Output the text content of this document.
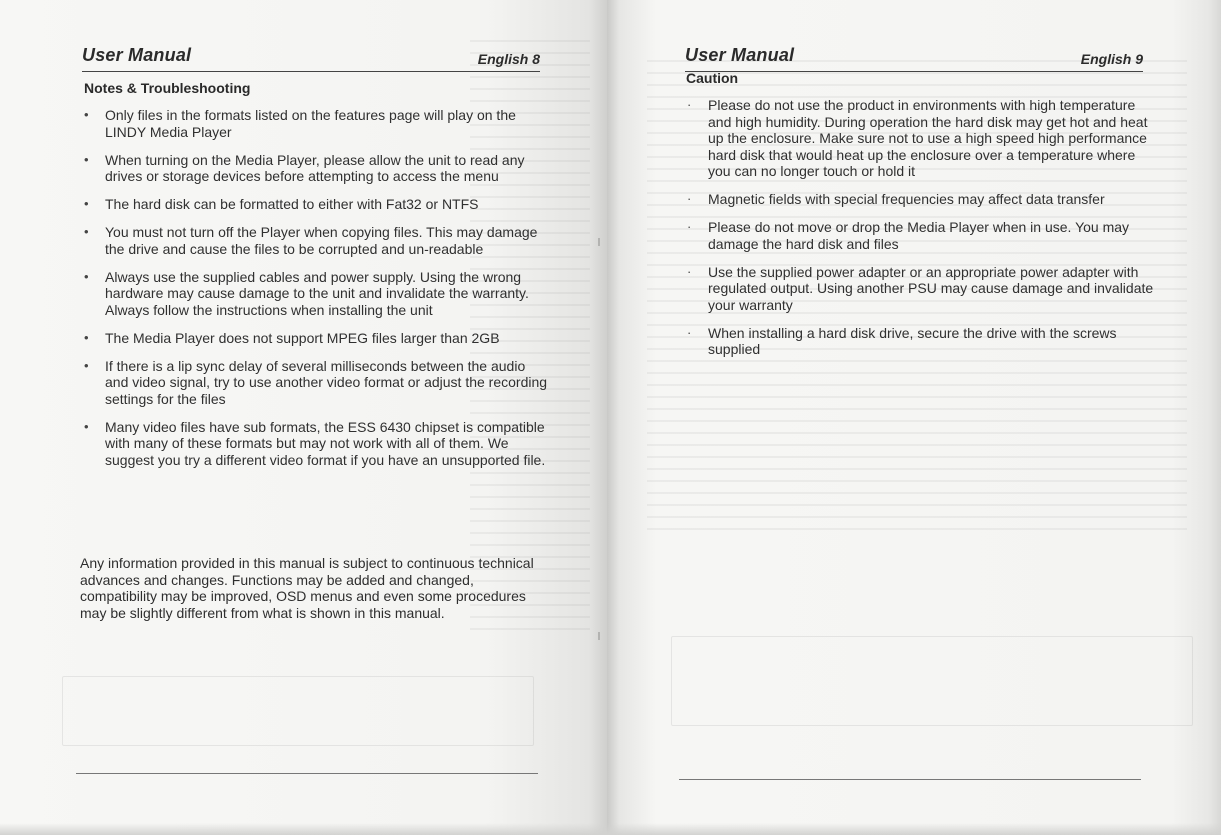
User Manual	English 8
Notes & Troubleshooting
• Only files in the formats listed on the features page will play on the LINDY Media Player
• When turning on the Media Player, please allow the unit to read any drives or storage devices before attempting to access the menu
• The hard disk can be formatted to either with Fat32 or NTFS
• You must not turn off the Player when copying files. This may damage the drive and cause the files to be corrupted and un-readable
• Always use the supplied cables and power supply. Using the wrong hardware may cause damage to the unit and invalidate the warranty. Always follow the instructions when installing the unit
• The Media Player does not support MPEG files larger than 2GB
• If there is a lip sync delay of several milliseconds between the audio and video signal, try to use another video format or adjust the recording settings for the files
• Many video files have sub formats, the ESS 6430 chipset is compatible with many of these formats but may not work with all of them. We suggest you try a different video format if you have an unsupported file.
Any information provided in this manual is subject to continuous technical advances and changes. Functions may be added and changed, compatibility may be improved, OSD menus and even some procedures may be slightly different from what is shown in this manual.
User Manual	English 9
Caution
· Please do not use the product in environments with high temperature and high humidity. During operation the hard disk may get hot and heat up the enclosure. Make sure not to use a high speed high performance hard disk that would heat up the enclosure over a temperature where you can no longer touch or hold it
· Magnetic fields with special frequencies may affect data transfer
· Please do not move or drop the Media Player when in use. You may damage the hard disk and files
· Use the supplied power adapter or an appropriate power adapter with regulated output. Using another PSU may cause damage and invalidate your warranty
· When installing a hard disk drive, secure the drive with the screws supplied
